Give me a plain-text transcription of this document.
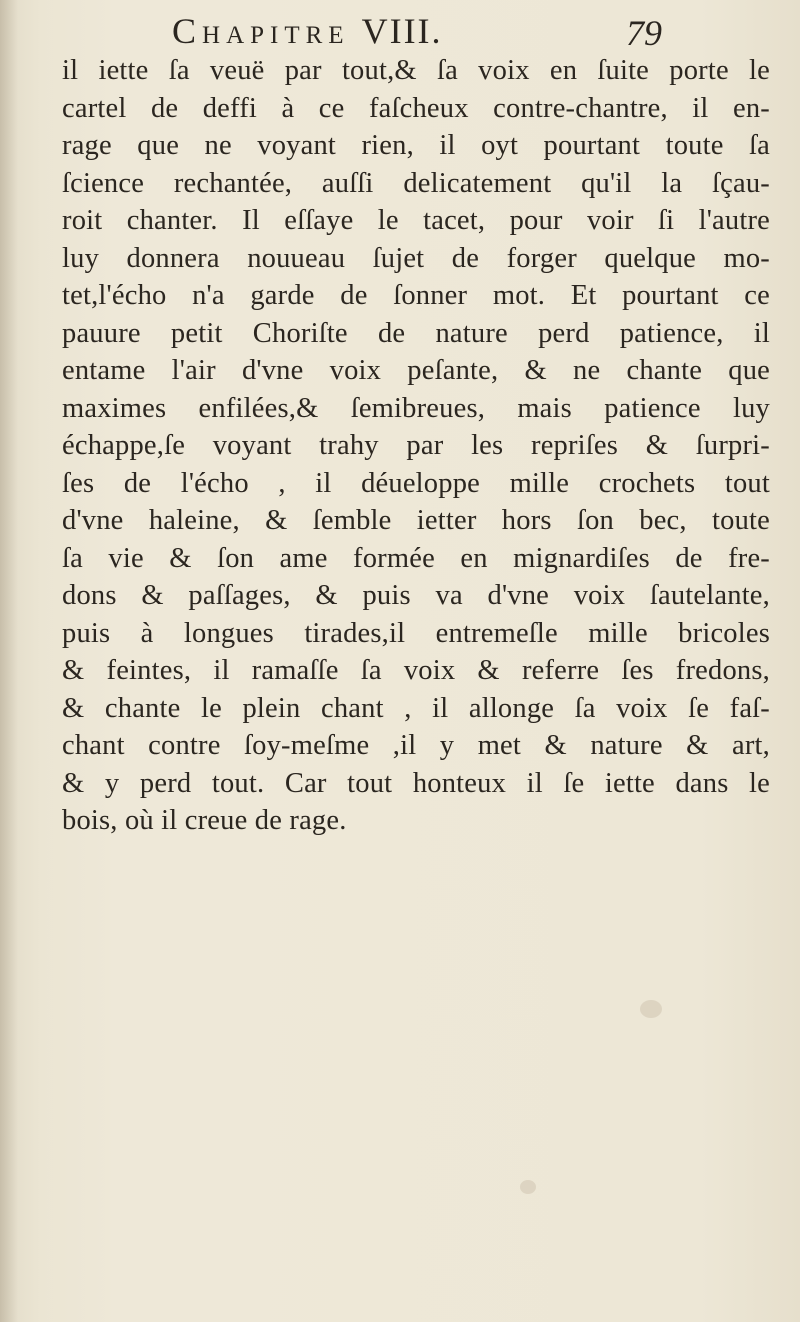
Chapitre VIII.	79
il iette ſa veuë par tout,& ſa voix en ſuite porte le
cartel de deffi à ce faſcheux contre-chantre, il en-
rage que ne voyant rien, il oyt pourtant toute ſa
ſcience rechantée, auſſi delicatement qu'il la ſçau-
roit chanter. Il eſſaye le tacet, pour voir ſi l'autre
luy donnera nouueau ſujet de forger quelque mo-
tet,l'écho n'a garde de ſonner mot. Et pourtant ce
pauure petit Choriſte de nature perd patience, il
entame l'air d'vne voix peſante, & ne chante que
maximes enfilées,& ſemibreues, mais patience luy
échappe,ſe voyant trahy par les repriſes & ſurpri-
ſes de l'écho , il déueloppe mille crochets tout
d'vne haleine, & ſemble ietter hors ſon bec, toute
ſa vie & ſon ame formée en mignardiſes de fre-
dons & paſſages, & puis va d'vne voix ſautelante,
puis à longues tirades,il entremeſle mille bricoles
& feintes, il ramaſſe ſa voix & referre ſes fredons,
& chante le plein chant , il allonge ſa voix ſe faſ-
chant contre ſoy-meſme ,il y met & nature & art,
& y perd tout. Car tout honteux il ſe iette dans le
bois, où il creue de rage.
